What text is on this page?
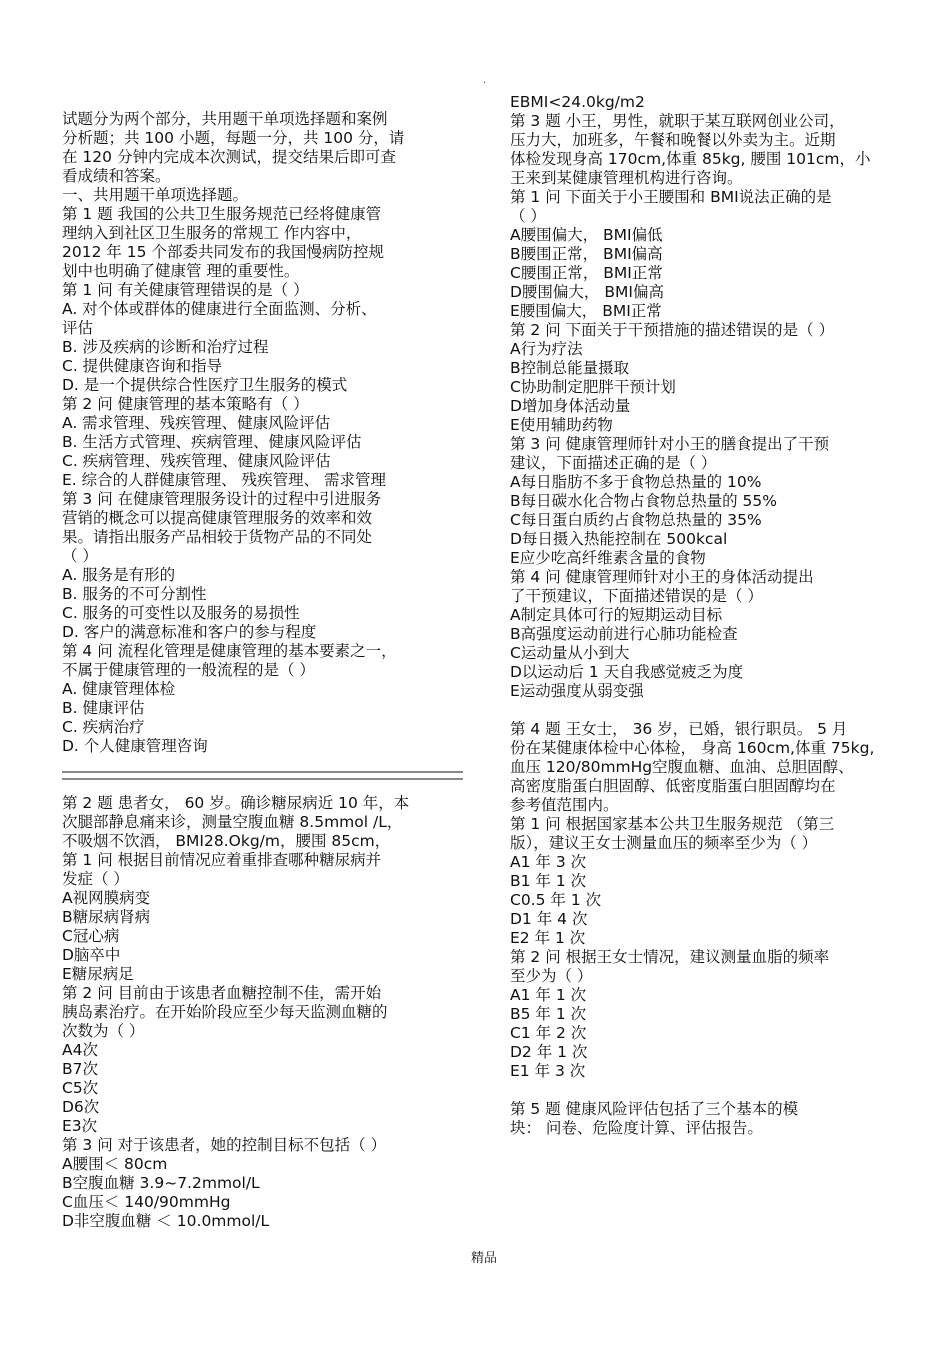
·
试题分为两个部分，共用题干单项选择题和案例
分析题；共 100 小题，每题一分，共 100 分，请
在 120 分钟内完成本次测试，提交结果后即可查
看成绩和答案。
一、共用题干单项选择题。
第 1 题 我国的公共卫生服务规范已经将健康管
理纳入到社区卫生服务的常规工 作内容中，
2012 年 15 个部委共同发布的我国慢病防控规
划中也明确了健康管 理的重要性。
第 1 问 有关健康管理错误的是（ ）
A. 对个体或群体的健康进行全面监测、分析、
评估
B. 涉及疾病的诊断和治疗过程
C. 提供健康咨询和指导
D. 是一个提供综合性医疗卫生服务的模式
第 2 问 健康管理的基本策略有（ ）
A. 需求管理、残疾管理、健康风险评估
B. 生活方式管理、疾病管理、健康风险评估
C. 疾病管理、残疾管理、健康风险评估
E. 综合的人群健康管理、 残疾管理、 需求管理
第 3 问 在健康管理服务设计的过程中引进服务
营销的概念可以提高健康管理服务的效率和效
果。请指出服务产品相较于货物产品的不同处
（ ）
A. 服务是有形的
B. 服务的不可分割性
C. 服务的可变性以及服务的易损性
D. 客户的满意标准和客户的参与程度
第 4 问 流程化管理是健康管理的基本要素之一，
不属于健康管理的一般流程的是（ ）
A. 健康管理体检
B. 健康评估
C. 疾病治疗
D. 个人健康管理咨询
第 2 题 患者女， 60 岁。确诊糖尿病近 10 年，本
次腿部静息痛来诊，测量空腹血糖 8.5mmol /L，
不吸烟不饮酒， BMI28.Okg/m，腰围 85cm，
第 1 问 根据目前情况应着重排查哪种糖尿病并
发症（ ）
A视网膜病变
B糖尿病肾病
C冠心病
D脑卒中
E糖尿病足
第 2 问 目前由于该患者血糖控制不佳，需开始
胰岛素治疗。在开始阶段应至少每天监测血糖的
次数为（ ）
A4次
B7次
C5次
D6次
E3次
第 3 问 对于该患者，她的控制目标不包括（ ）
A腰围＜ 80cm
B空腹血糖 3.9~7.2mmol/L
C血压＜ 140/90mmHg
D非空腹血糖 ＜ 10.0mmol/L
EBMI<24.0kg/m2
第 3 题 小王，男性，就职于某互联网创业公司，
压力大，加班多，午餐和晚餐以外卖为主。近期
体检发现身高 170cm,体重 85kg, 腰围 101cm，小
王来到某健康管理机构进行咨询。
第 1 问 下面关于小王腰围和 BMI说法正确的是
（ ）
A腰围偏大， BMI偏低
B腰围正常， BMI偏高
C腰围正常， BMI正常
D腰围偏大， BMI偏高
E腰围偏大， BMI正常
第 2 问 下面关于干预措施的描述错误的是（ ）
A行为疗法
B控制总能量摄取
C协助制定肥胖干预计划
D增加身体活动量
E使用辅助药物
第 3 问 健康管理师针对小王的膳食提出了干预
建议，下面描述正确的是（ ）
A每日脂肪不多于食物总热量的 10%
B每日碳水化合物占食物总热量的 55%
C每日蛋白质约占食物总热量的 35%
D每日摄入热能控制在 500kcal
E应少吃高纤维素含量的食物
第 4 问 健康管理师针对小王的身体活动提出
了干预建议，下面描述错误的是（ ）
A制定具体可行的短期运动目标
B高强度运动前进行心肺功能检查
C运动量从小到大
D以运动后 1 天自我感觉疲乏为度
E运动强度从弱变强
第 4 题 王女士， 36 岁，已婚，银行职员。 5 月
份在某健康体检中心体检， 身高 160cm,体重 75kg,
血压 120/80mmHg空腹血糖、血油、总胆固醇、
高密度脂蛋白胆固醇、低密度脂蛋白胆固醇均在
参考值范围内。
第 1 问 根据国家基本公共卫生服务规范 （第三
版），建议王女士测量血压的频率至少为（ ）
A1 年 3 次
B1 年 1 次
C0.5 年 1 次
D1 年 4 次
E2 年 1 次
第 2 问 根据王女士情况，建议测量血脂的频率
至少为（ ）
A1 年 1 次
B5 年 1 次
C1 年 2 次
D2 年 1 次
E1 年 3 次
第 5 题 健康风险评估包括了三个基本的模
块： 问卷、危险度计算、评估报告。
精品
